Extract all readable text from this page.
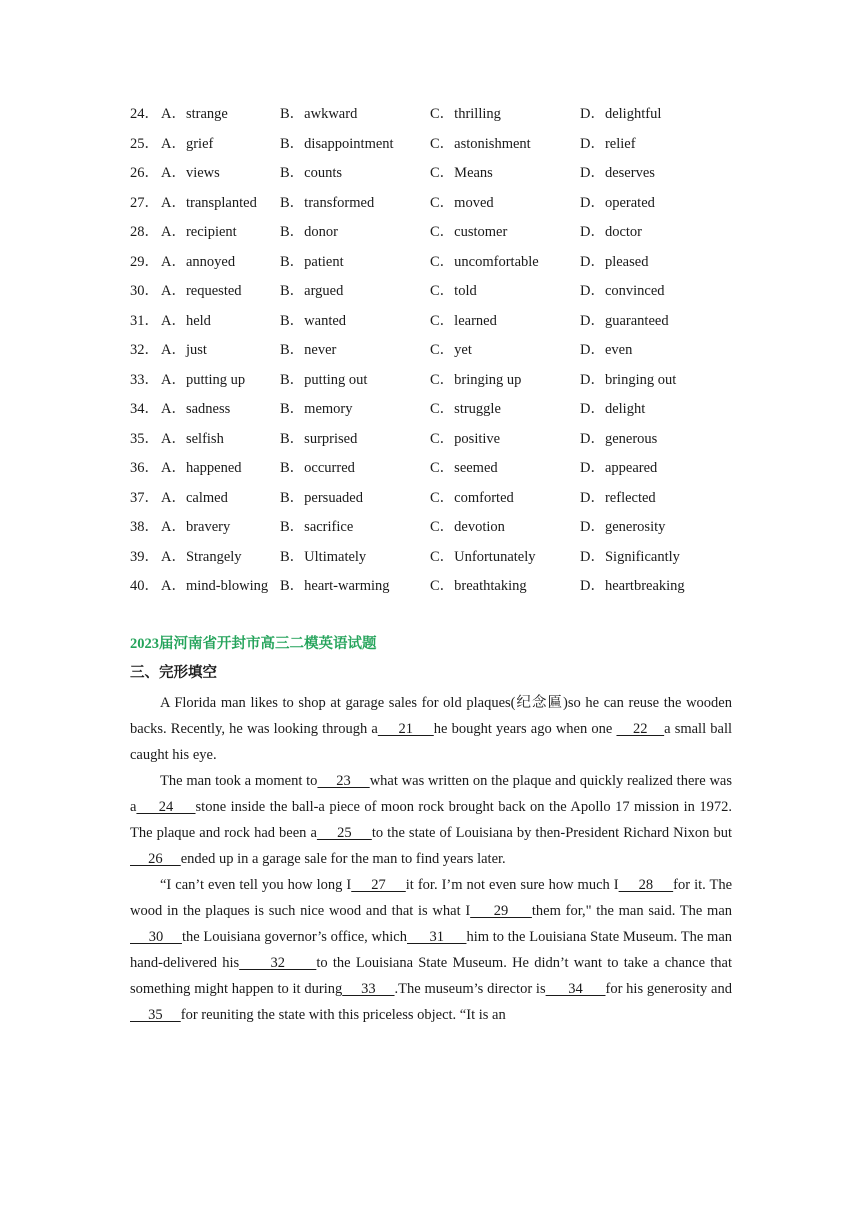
24． A．strange	B．awkward	C．thrilling	D．delightful
25． A．grief	B．disappointment	C．astonishment	D．relief
26． A．views	B．counts	C．Means	D．deserves
27． A．transplanted B．transformed	C．moved	D．operated
28． A．recipient	B．donor	C．customer	D．doctor
29． A．annoyed	B．patient	C．uncomfortable	D．pleased
30． A．requested	B．argued	C．told	D．convinced
31． A．held	B．wanted	C．learned	D．guaranteed
32． A．just	B．never	C．yet	D．even
33． A．putting up B．putting out	C．bringing up	D．bringing out
34． A．sadness	B．memory	C．struggle	D．delight
35． A．selfish	B．surprised	C．positive	D．generous
36． A．happened	B．occurred	C．seemed	D．appeared
37． A．calmed	B．persuaded	C．comforted	D．reflected
38． A．bravery	B．sacrifice	C．devotion	D．generosity
39． A．Strangely	B．Ultimately	C．Unfortunately	D．Significantly
40． A．mind-blowing B．heart-warming	C．breathtaking	D．heartbreaking
2023届河南省开封市高三二模英语试题
三、完形填空

A Florida man likes to shop at garage sales for old plaques(纪念匾)so he can reuse the wooden backs. Recently, he was looking through a     21     he bought years ago when one     22    a small ball caught his eye.

The man took a moment to     23     what was written on the plaque and quickly realized there was a     24     stone inside the ball-a piece of moon rock brought back on the Apollo 17 mission in 1972. The plaque and rock had been a     25     to the state of Louisiana by then-President Richard Nixon but     26     ended up in a garage sale for the man to find years later.

“I can’t even tell you how long I     27     it for. I’m not even sure how much I     28     for it. The wood in the plaques is such nice wood and that is what I     29     them for," the man said. The man      30     the Louisiana governor’s office, which      31      him to the Louisiana State Museum. The man hand-delivered his      32      to the Louisiana State Museum. He didn’t want to take a chance that something might happen to it during     33     .The museum’s director is      34      for his generosity and      35     for reuniting the state with this priceless object. “It is an
